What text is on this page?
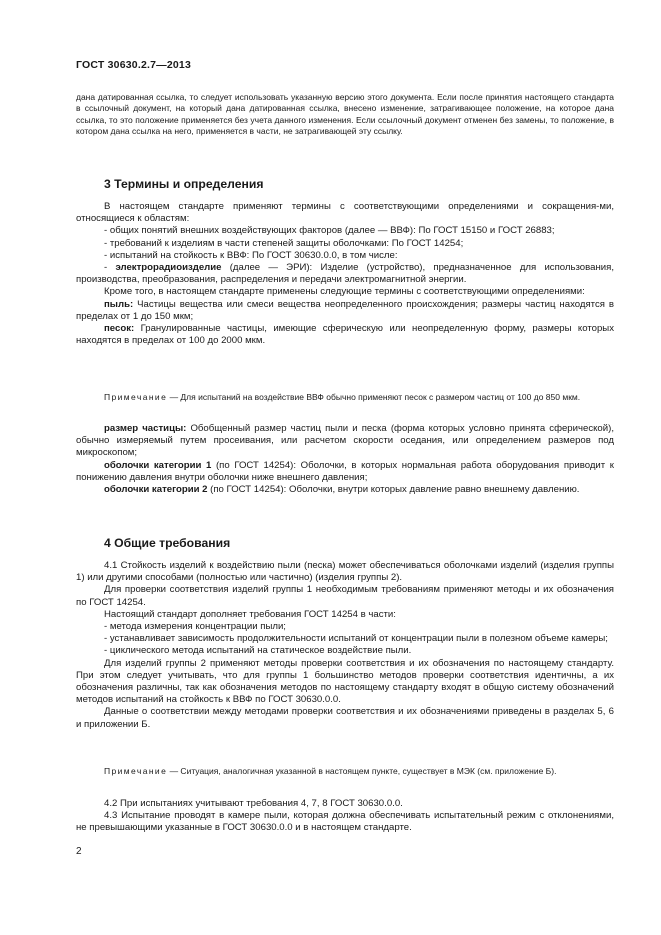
ГОСТ 30630.2.7—2013

дана датированная ссылка, то следует использовать указанную версию этого документа. Если после принятия настоящего стандарта в ссылочный документ, на который дана датированная ссылка, внесено изменение, затрагивающее положение, на которое дана ссылка, то это положение применяется без учета данного изменения. Если ссылочный документ отменен без замены, то положение, в котором дана ссылка на него, применяется в части, не затрагивающей эту ссылку.

3 Термины и определения

В настоящем стандарте применяют термины с соответствующими определениями и сокращения-ми, относящиеся к областям:

- общих понятий внешних воздействующих факторов (далее — ВВФ): По ГОСТ 15150 и ГОСТ 26883;

- требований к изделиям в части степеней защиты оболочками: По ГОСТ 14254;

- испытаний на стойкость к ВВФ: По ГОСТ 30630.0.0, в том числе:

- электрорадиоизделие (далее — ЭРИ): Изделие (устройство), предназначенное для использования, производства, преобразования, распределения и передачи электромагнитной энергии.

Кроме того, в настоящем стандарте применены следующие термины с соответствующими определениями:

пыль: Частицы вещества или смеси вещества неопределенного происхождения; размеры частиц находятся в пределах от 1 до 150 мкм;

песок: Гранулированные частицы, имеющие сферическую или неопределенную форму, размеры которых находятся в пределах от 100 до 2000 мкм.

Примечание — Для испытаний на воздействие ВВФ обычно применяют песок с размером частиц от 100 до 850 мкм.

размер частицы: Обобщенный размер частиц пыли и песка (форма которых условно принята сферической), обычно измеряемый путем просеивания, или расчетом скорости оседания, или определением размеров под микроскопом;

оболочки категории 1 (по ГОСТ 14254): Оболочки, в которых нормальная работа оборудования приводит к понижению давления внутри оболочки ниже внешнего давления;

оболочки категории 2 (по ГОСТ 14254): Оболочки, внутри которых давление равно внешнему давлению.

4 Общие требования

4.1 Стойкость изделий к воздействию пыли (песка) может обеспечиваться оболочками изделий (изделия группы 1) или другими способами (полностью или частично) (изделия группы 2).

Для проверки соответствия изделий группы 1 необходимым требованиям применяют методы и их обозначения по ГОСТ 14254.

Настоящий стандарт дополняет требования ГОСТ 14254 в части:

- метода измерения концентрации пыли;

- устанавливает зависимость продолжительности испытаний от концентрации пыли в полезном объеме камеры;

- циклического метода испытаний на статическое воздействие пыли.

Для изделий группы 2 применяют методы проверки соответствия и их обозначения по настоящему стандарту. При этом следует учитывать, что для группы 1 большинство методов проверки соответствия идентичны, а их обозначения различны, так как обозначения методов по настоящему стандарту входят в общую систему обозначений методов испытаний на стойкость к ВВФ по ГОСТ 30630.0.0.

Данные о соответствии между методами проверки соответствия и их обозначениями приведены в разделах 5, 6 и приложении Б.

Примечание — Ситуация, аналогичная указанной в настоящем пункте, существует в МЭК (см. приложение Б).

4.2 При испытаниях учитывают требования 4, 7, 8 ГОСТ 30630.0.0.

4.3 Испытание проводят в камере пыли, которая должна обеспечивать испытательный режим с отклонениями, не превышающими указанные в ГОСТ 30630.0.0 и в настоящем стандарте.

2
